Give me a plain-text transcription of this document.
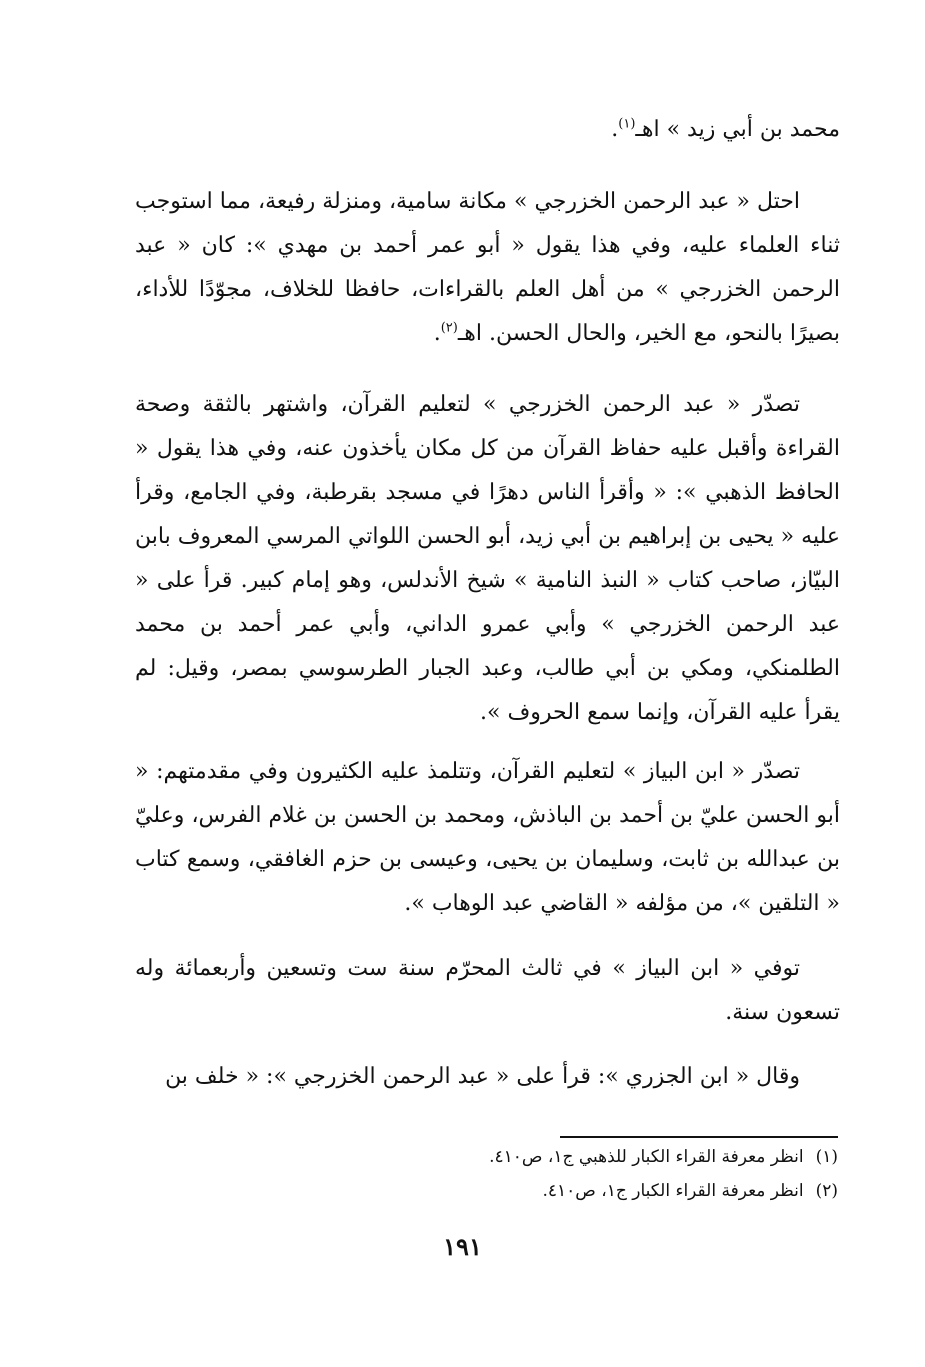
محمد بن أبي زيد » اهـ$^{(١)}$.

احتل « عبد الرحمن الخزرجي » مكانة سامية، ومنزلة رفيعة، مما استوجب ثناء العلماء عليه، وفي هذا يقول « أبو عمر أحمد بن مهدي »: كان « عبد الرحمن الخزرجي » من أهل العلم بالقراءات، حافظا للخلاف، مجوّدًا للأداء، بصيرًا بالنحو، مع الخير، والحال الحسن. اهـ$^{(٢)}$.

تصدّر « عبد الرحمن الخزرجي » لتعليم القرآن، واشتهر بالثقة وصحة القراءة وأقبل عليه حفاظ القرآن من كل مكان يأخذون عنه، وفي هذا يقول « الحافظ الذهبي »: « وأقرأ الناس دهرًا في مسجد بقرطبة، وفي الجامع، وقرأ عليه « يحيى بن إبراهيم بن أبي زيد، أبو الحسن اللواتي المرسي المعروف بابن البيّاز، صاحب كتاب « النبذ النامية » شيخ الأندلس، وهو إمام كبير. قرأ على « عبد الرحمن الخزرجي » وأبي عمرو الداني، وأبي عمر أحمد بن محمد الطلمنكي، ومكي بن أبي طالب، وعبد الجبار الطرسوسي بمصر، وقيل: لم يقرأ عليه القرآن، وإنما سمع الحروف ».

تصدّر « ابن البياز » لتعليم القرآن، وتتلمذ عليه الكثيرون وفي مقدمتهم: « أبو الحسن عليّ بن أحمد بن الباذش، ومحمد بن الحسن بن غلام الفرس، وعليّ بن عبدالله بن ثابت، وسليمان بن يحيى، وعيسى بن حزم الغافقي، وسمع كتاب « التلقين »، من مؤلفه « القاضي عبد الوهاب ».

توفي « ابن البياز » في ثالث المحرّم سنة ست وتسعين وأربعمائة وله تسعون سنة.

وقال « ابن الجزري »: قرأ على « عبد الرحمن الخزرجي »: « خلف بن

(١)انظر معرفة القراء الكبار للذهبي ج١، ص٤١٠.
(٢)انظر معرفة القراء الكبار ج١، ص٤١٠.
١٩١
